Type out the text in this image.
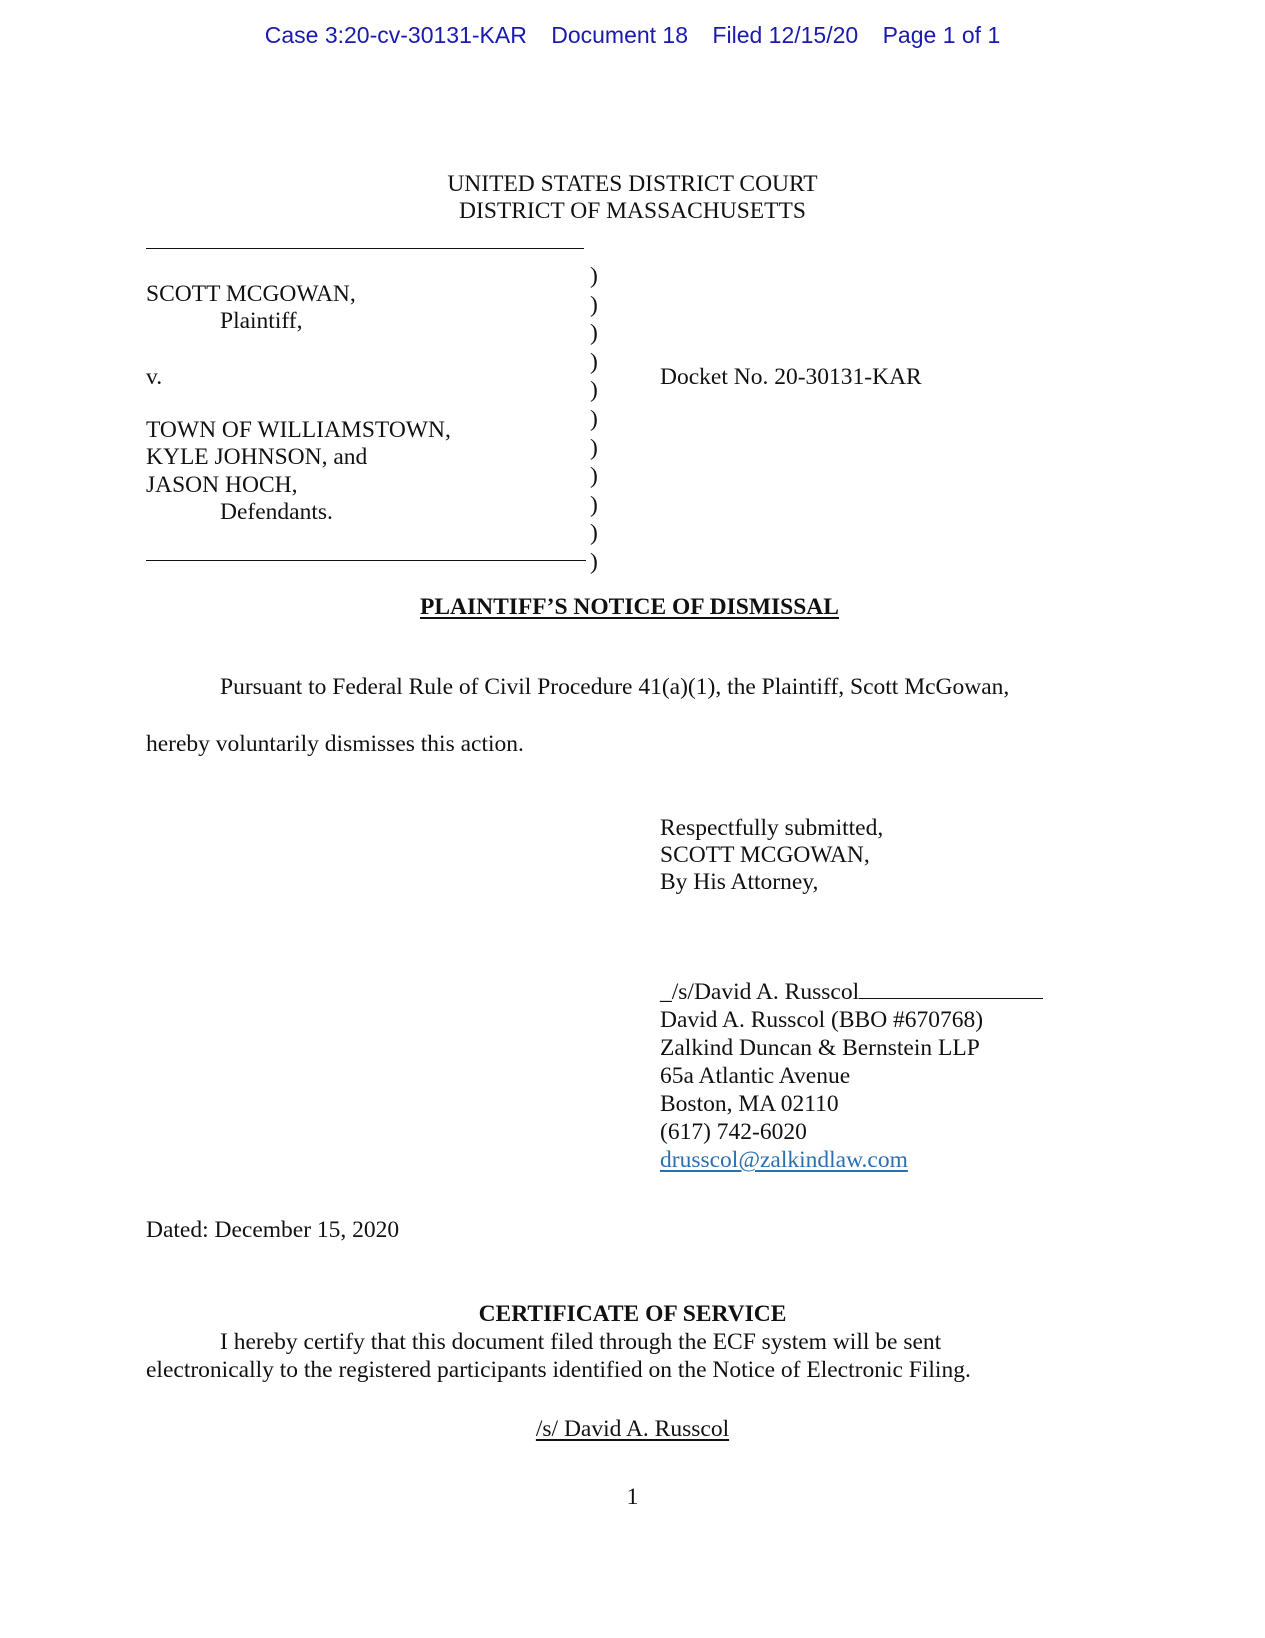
Case 3:20-cv-30131-KAR Document 18 Filed 12/15/20 Page 1 of 1
UNITED STATES DISTRICT COURT
DISTRICT OF MASSACHUSETTS
SCOTT MCGOWAN,
Plaintiff,
v.
TOWN OF WILLIAMSTOWN,
KYLE JOHNSON, and
JASON HOCH,
Defendants.
)
)
)
)
)
)
)
)
)
)
)
Docket No. 20-30131-KAR
PLAINTIFF’S NOTICE OF DISMISSAL
Pursuant to Federal Rule of Civil Procedure 41(a)(1), the Plaintiff, Scott McGowan,
hereby voluntarily dismisses this action.
Respectfully submitted,
SCOTT MCGOWAN,
By His Attorney,
_/s/David A. Russcol
David A. Russcol (BBO #670768)
Zalkind Duncan & Bernstein LLP
65a Atlantic Avenue
Boston, MA 02110
(617) 742-6020
drusscol@zalkindlaw.com
Dated: December 15, 2020
CERTIFICATE OF SERVICE
I hereby certify that this document filed through the ECF system will be sent
electronically to the registered participants identified on the Notice of Electronic Filing.
/s/ David A. Russcol
1
